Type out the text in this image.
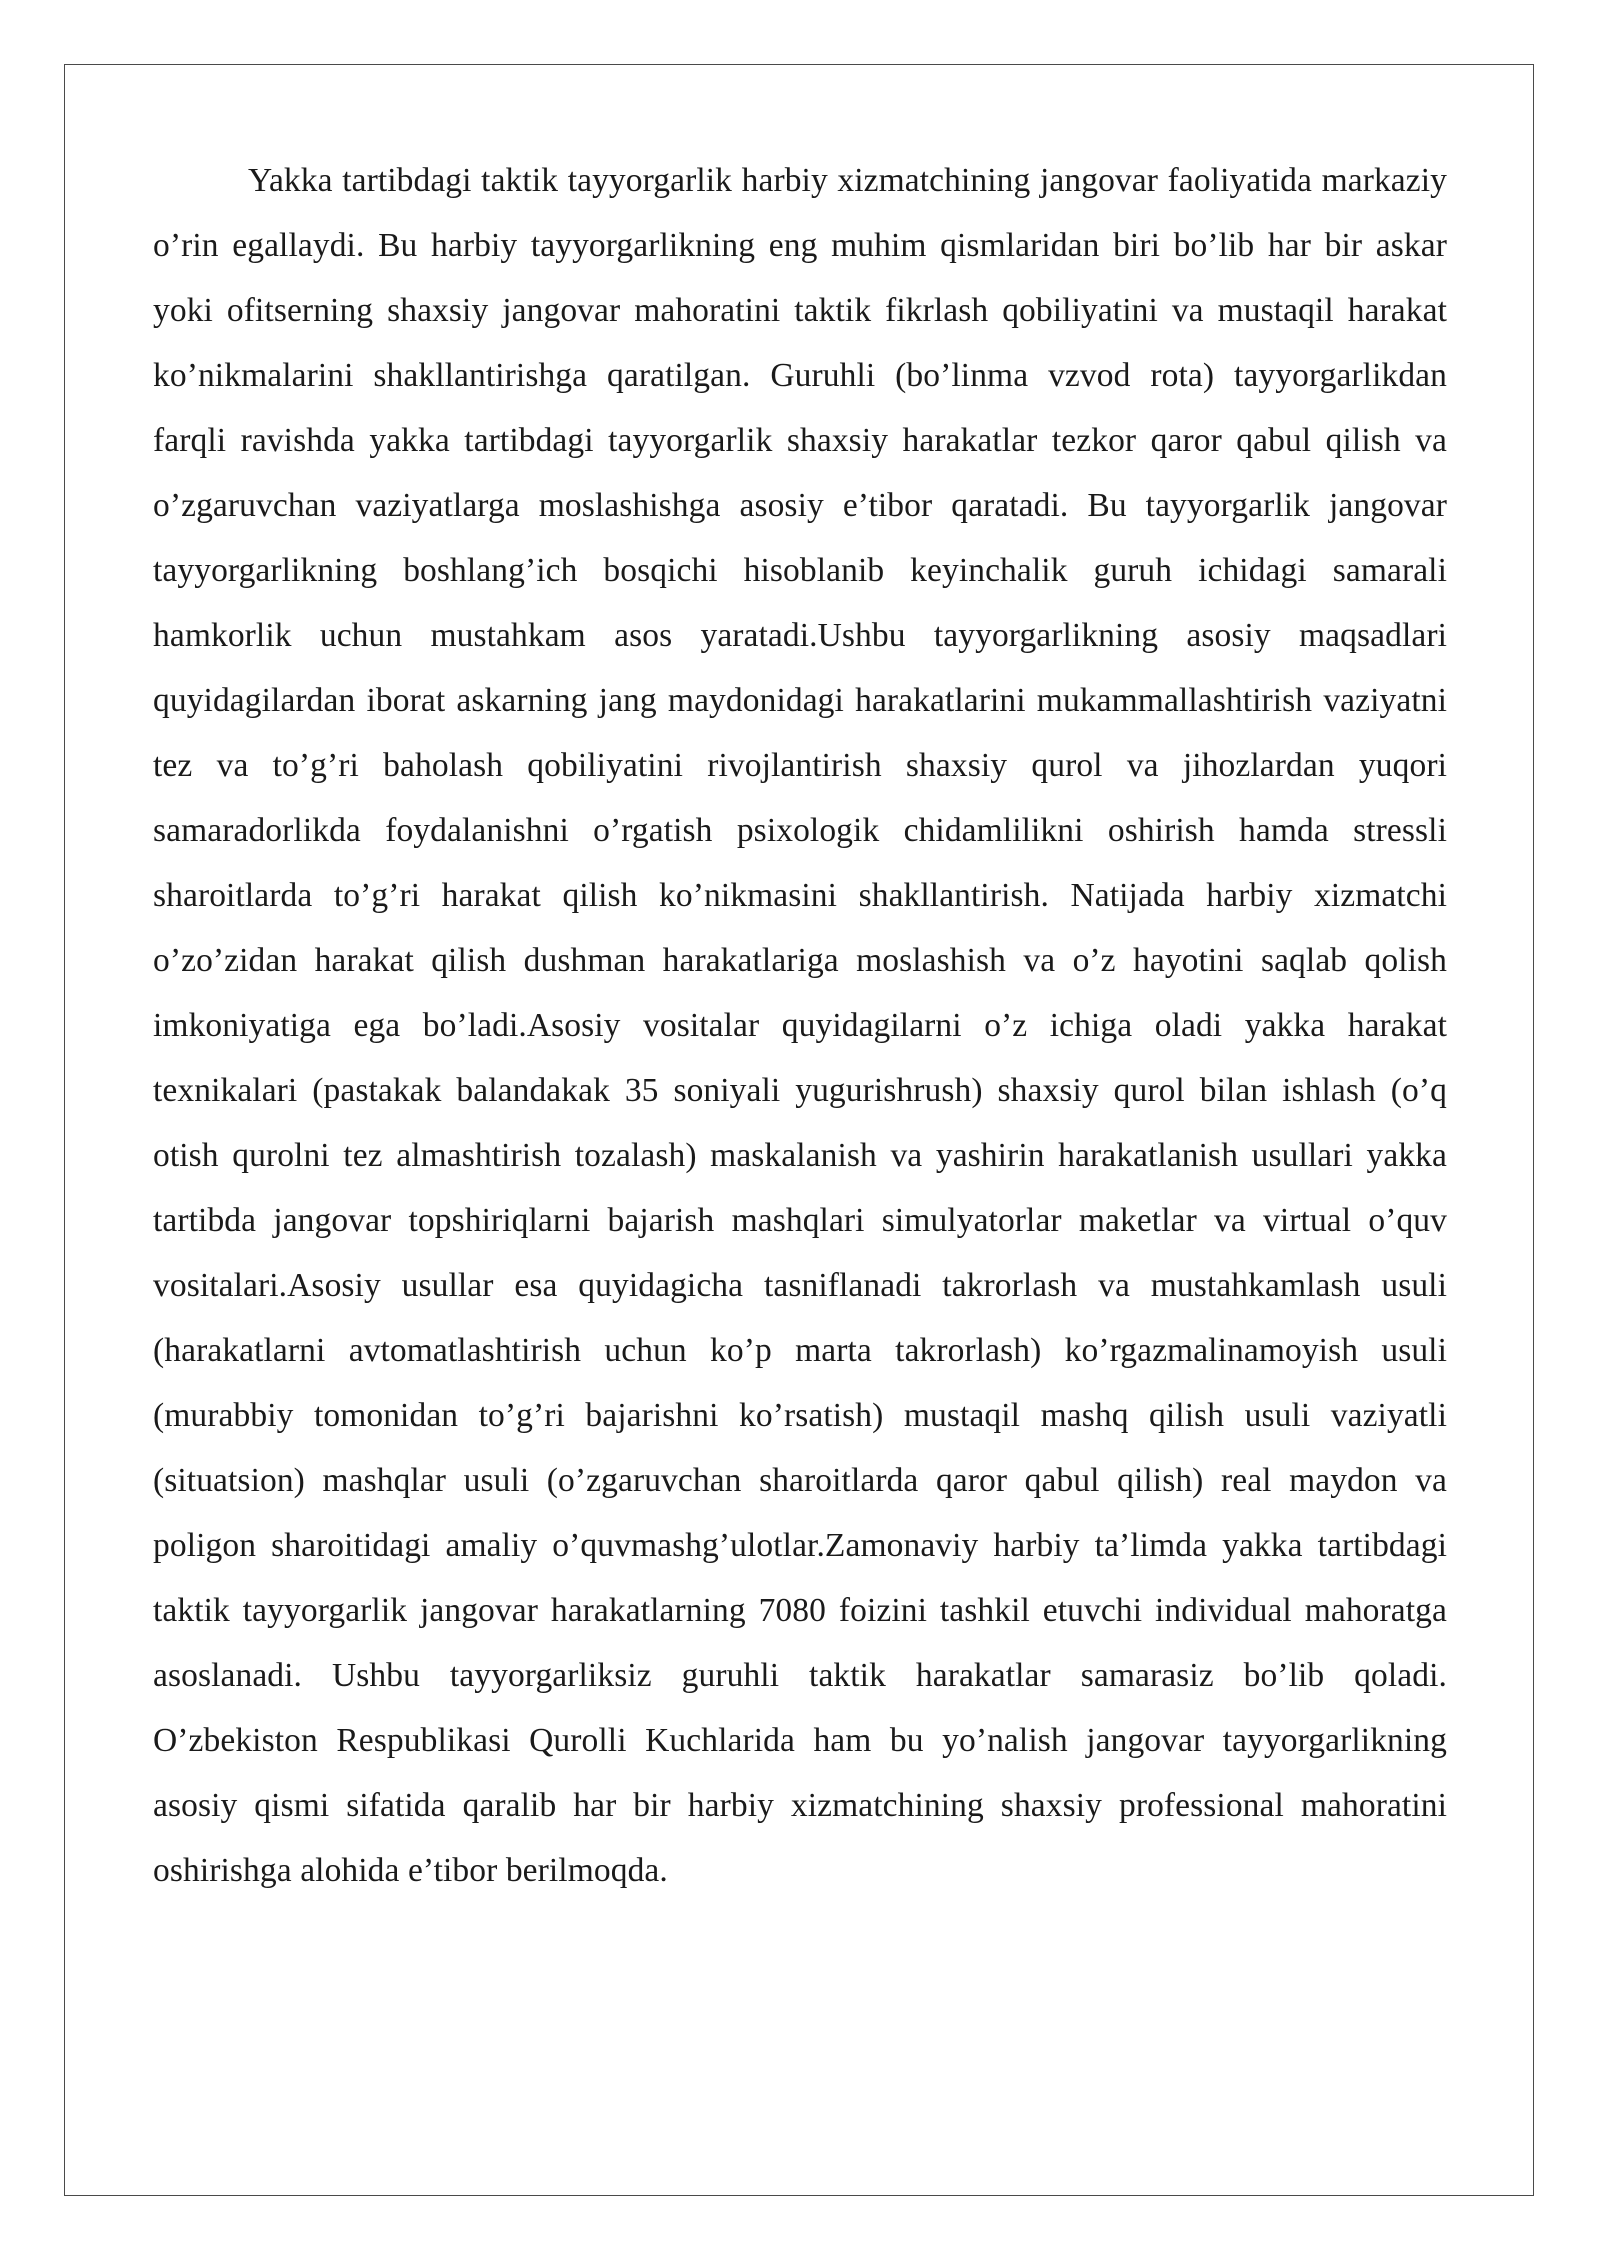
Yakka tartibdagi taktik tayyorgarlik harbiy xizmatchining jangovar faoliyatida markaziy o’rin egallaydi. Bu harbiy tayyorgarlikning eng muhim qismlaridan biri bo’lib har bir askar yoki ofitserning shaxsiy jangovar mahoratini taktik fikrlash qobiliyatini va mustaqil harakat ko’nikmalarini shakllantirishga qaratilgan. Guruhli (bo’linma vzvod rota) tayyorgarlikdan farqli ravishda yakka tartibdagi tayyorgarlik shaxsiy harakatlar tezkor qaror qabul qilish va o’zgaruvchan vaziyatlarga moslashishga asosiy e’tibor qaratadi. Bu tayyorgarlik jangovar tayyorgarlikning boshlang’ich bosqichi hisoblanib keyinchalik guruh ichidagi samarali hamkorlik uchun mustahkam asos yaratadi.Ushbu tayyorgarlikning asosiy maqsadlari quyidagilardan iborat askarning jang maydonidagi harakatlarini mukammallashtirish vaziyatni tez va to’g’ri baholash qobiliyatini rivojlantirish shaxsiy qurol va jihozlardan yuqori samaradorlikda foydalanishni o’rgatish psixologik chidamlilikni oshirish hamda stressli sharoitlarda to’g’ri harakat qilish ko’nikmasini shakllantirish. Natijada harbiy xizmatchi o’zo’zidan harakat qilish dushman harakatlariga moslashish va o’z hayotini saqlab qolish imkoniyatiga ega bo’ladi.Asosiy vositalar quyidagilarni o’z ichiga oladi yakka harakat texnikalari (pastakak balandakak 35 soniyali yugurishrush) shaxsiy qurol bilan ishlash (o’q otish qurolni tez almashtirish tozalash) maskalanish va yashirin harakatlanish usullari yakka tartibda jangovar topshiriqlarni bajarish mashqlari simulyatorlar maketlar va virtual o’quv vositalari.Asosiy usullar esa quyidagicha tasniflanadi takrorlash va mustahkamlash usuli (harakatlarni avtomatlashtirish uchun ko’p marta takrorlash) ko’rgazmalinamoyish usuli (murabbiy tomonidan to’g’ri bajarishni ko’rsatish) mustaqil mashq qilish usuli vaziyatli (situatsion) mashqlar usuli (o’zgaruvchan sharoitlarda qaror qabul qilish) real maydon va poligon sharoitidagi amaliy o’quvmashg’ulotlar.Zamonaviy harbiy ta’limda yakka tartibdagi taktik tayyorgarlik jangovar harakatlarning 7080 foizini tashkil etuvchi individual mahoratga asoslanadi. Ushbu tayyorgarliksiz guruhli taktik harakatlar samarasiz bo’lib qoladi. O’zbekiston Respublikasi Qurolli Kuchlarida ham bu yo’nalish jangovar tayyorgarlikning asosiy qismi sifatida qaralib har bir harbiy xizmatchining shaxsiy professional mahoratini oshirishga alohida e’tibor berilmoqda.
